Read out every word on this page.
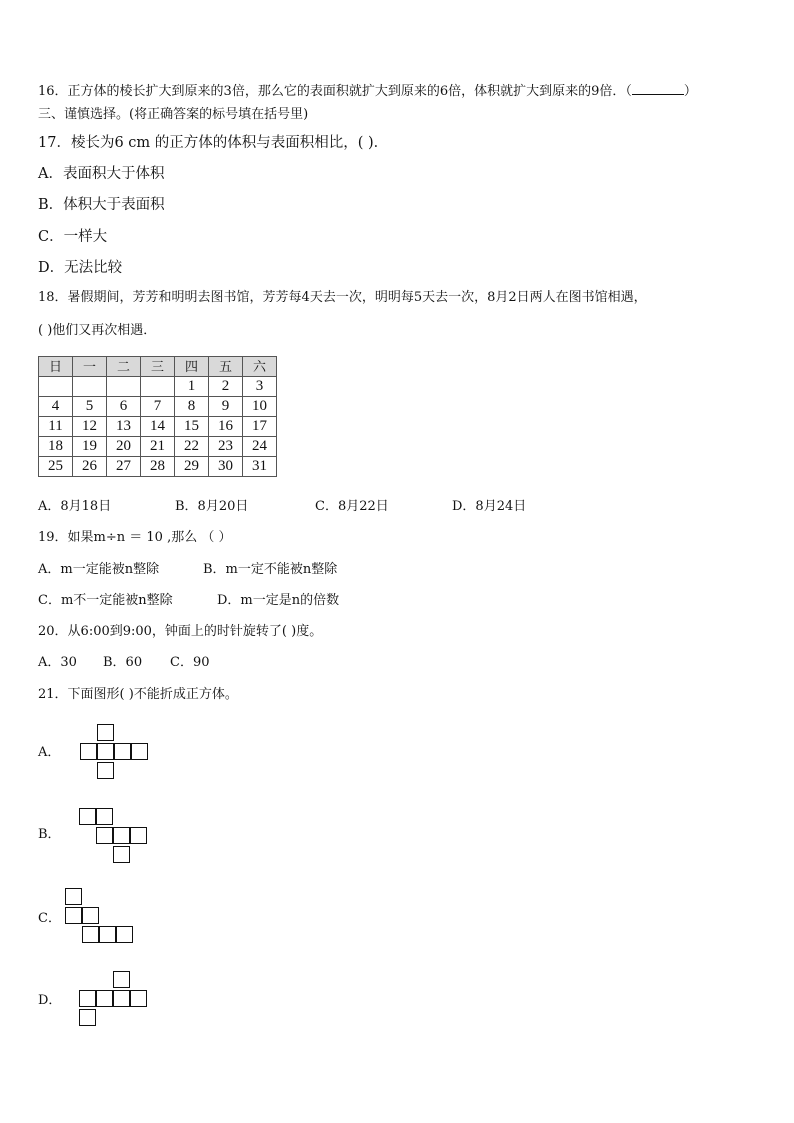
16．正方体的棱长扩大到原来的3倍，那么它的表面积就扩大到原来的6倍，体积就扩大到原来的9倍．（	）
三、谨慎选择。(将正确答案的标号填在括号里)
17．棱长为6 cm 的正方体的体积与表面积相比，( )．
A．表面积大于体积
B．体积大于表面积
C．一样大
D．无法比较
18．暑假期间，芳芳和明明去图书馆，芳芳每4天去一次，明明每5天去一次，8月2日两人在图书馆相遇，
( )他们又再次相遇．
日	一	二	三	四	五	六
				1	2	3
4	5	6	7	8	9	10
11	12	13	14	15	16	17
18	19	20	21	22	23	24
25	26	27	28	29	30	31
A．8月18日	B．8月20日	C．8月22日	D．8月24日
19．如果m÷n ＝ 10 ,那么 （ ）
A．m一定能被n整除	B．m一定不能被n整除
C．m不一定能被n整除	D．m一定是n的倍数
20．从6:00到9:00，钟面上的时针旋转了( )度。
A．30 B．60 C．90
21．下面图形( )不能折成正方体。
A．
B．
C．
D．
